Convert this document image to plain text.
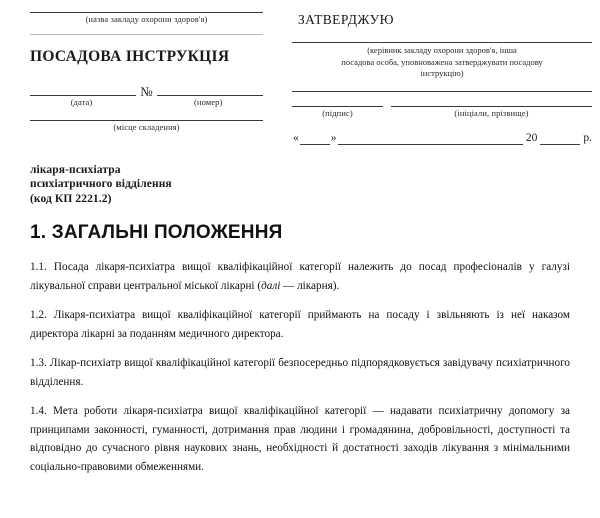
(назва закладу охорони здоров'я)
ПОСАДОВА ІНСТРУКЦІЯ
№
(дата)	(номер)
(місце складення)
ЗАТВЕРДЖУЮ
(керівник закладу охорони здоров'я, інша
посадова особа, уповноважена затверджувати посадову
інструкцію)
(підпис)	(ініціали, прізвище)
«	»	20	р.
лікаря-психіатра
психіатричного відділення
(код КП 2221.2)
1. ЗАГАЛЬНІ ПОЛОЖЕННЯ

1.1. Посада лікаря-психіатра вищої кваліфікаційної категорії належить до посад професіоналів у галузі лікувальної справи центральної міської лікарні (далі — лікарня).

1.2. Лікаря-психіатра вищої кваліфікаційної категорії приймають на посаду і звільняють із неї наказом директора лікарні за поданням медичного директора.

1.3. Лікар-психіатр вищої кваліфікаційної категорії безпосередньо підпорядковується завідувачу психіатричного відділення.

1.4. Мета роботи лікаря-психіатра вищої кваліфікаційної категорії — надавати психіатричну допомогу за принципами законності, гуманності, дотримання прав людини і громадянина, добровільності, доступності та відповідно до сучасного рівня наукових знань, необхідності й достатності заходів лікування з мінімальними соціально-правовими обмеженнями.
